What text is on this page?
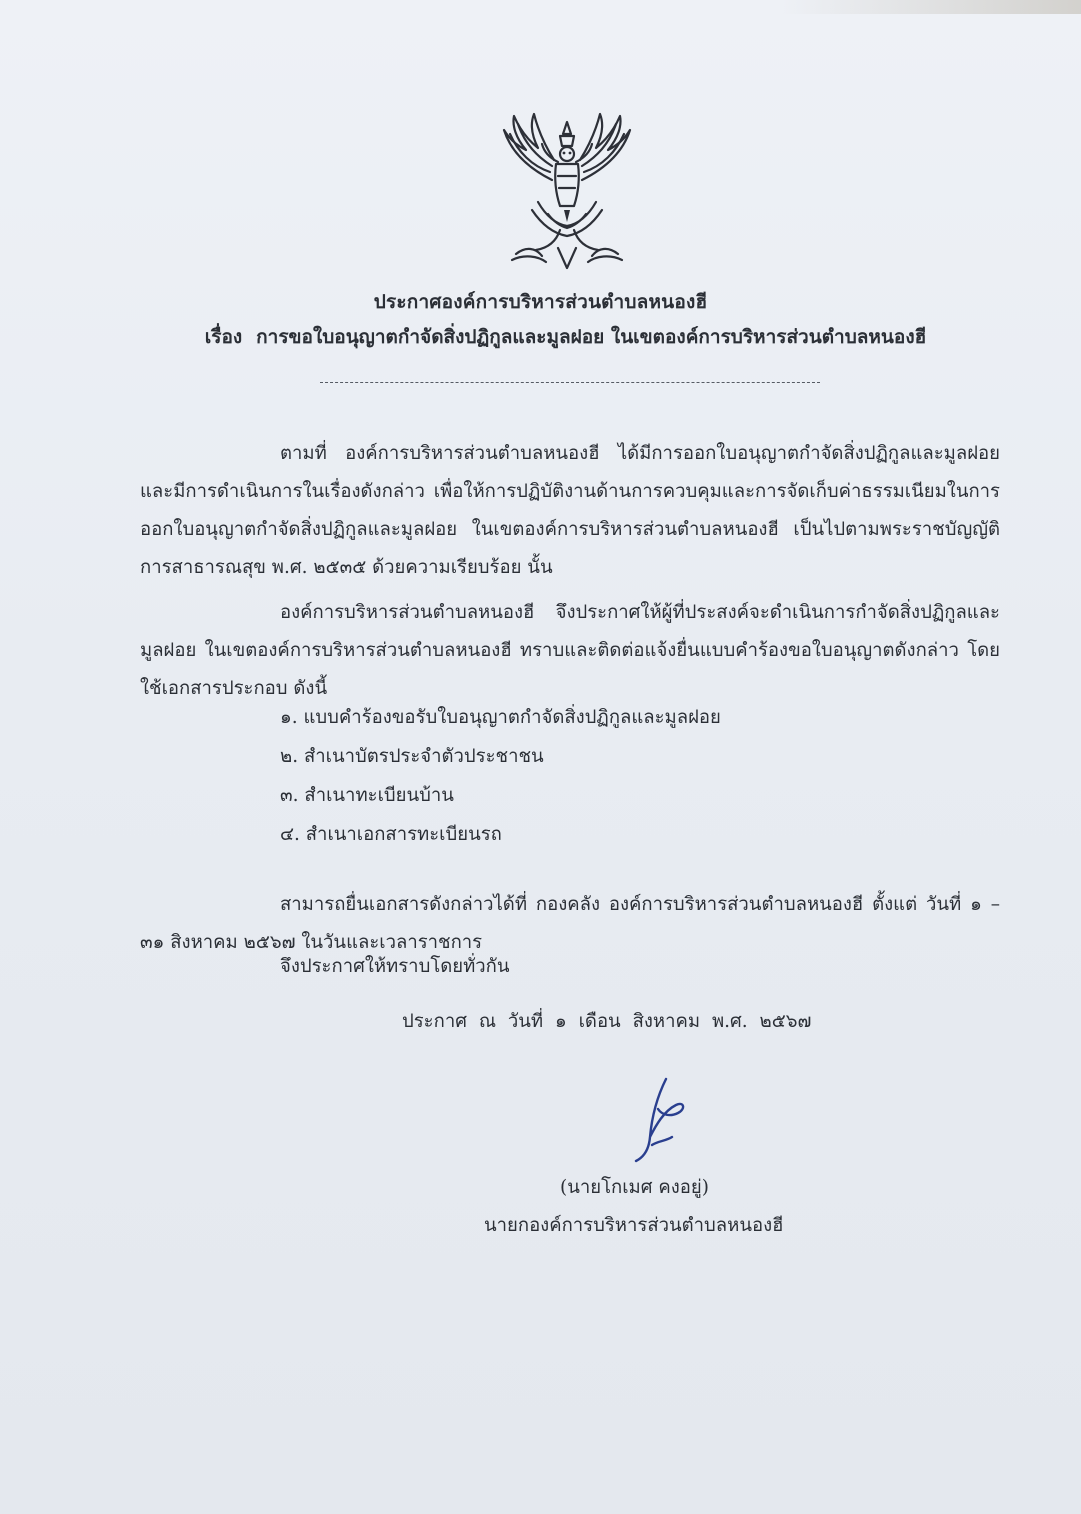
ประกาศองค์การบริหารส่วนตำบลหนองฮี
เรื่อง การขอใบอนุญาตกำจัดสิ่งปฏิกูลและมูลฝอย ในเขตองค์การบริหารส่วนตำบลหนองฮี

ตามที่ องค์การบริหารส่วนตำบลหนองฮี ได้มีการออกใบอนุญาตกำจัดสิ่งปฏิกูลและมูลฝอย และมีการดำเนินการในเรื่องดังกล่าว เพื่อให้การปฏิบัติงานด้านการควบคุมและการจัดเก็บค่าธรรมเนียมในการออกใบอนุญาตกำจัดสิ่งปฏิกูลและมูลฝอย ในเขตองค์การบริหารส่วนตำบลหนองฮี เป็นไปตามพระราชบัญญัติการสาธารณสุข พ.ศ. ๒๕๓๕ ด้วยความเรียบร้อย นั้น

องค์การบริหารส่วนตำบลหนองฮี จึงประกาศให้ผู้ที่ประสงค์จะดำเนินการกำจัดสิ่งปฏิกูลและมูลฝอย ในเขตองค์การบริหารส่วนตำบลหนองฮี ทราบและติดต่อแจ้งยื่นแบบคำร้องขอใบอนุญาตดังกล่าว โดยใช้เอกสารประกอบ ดังนี้

๑. แบบคำร้องขอรับใบอนุญาตกำจัดสิ่งปฏิกูลและมูลฝอย
๒. สำเนาบัตรประจำตัวประชาชน
๓. สำเนาทะเบียนบ้าน
๔. สำเนาเอกสารทะเบียนรถ

สามารถยื่นเอกสารดังกล่าวได้ที่ กองคลัง องค์การบริหารส่วนตำบลหนองฮี ตั้งแต่ วันที่ ๑ – ๓๑ สิงหาคม ๒๕๖๗ ในวันและเวลาราชการ

จึงประกาศให้ทราบโดยทั่วกัน
ประกาศ ณ วันที่ ๑ เดือน สิงหาคม พ.ศ. ๒๕๖๗
(นายโกเมศ คงอยู่)
นายกองค์การบริหารส่วนตำบลหนองฮี
